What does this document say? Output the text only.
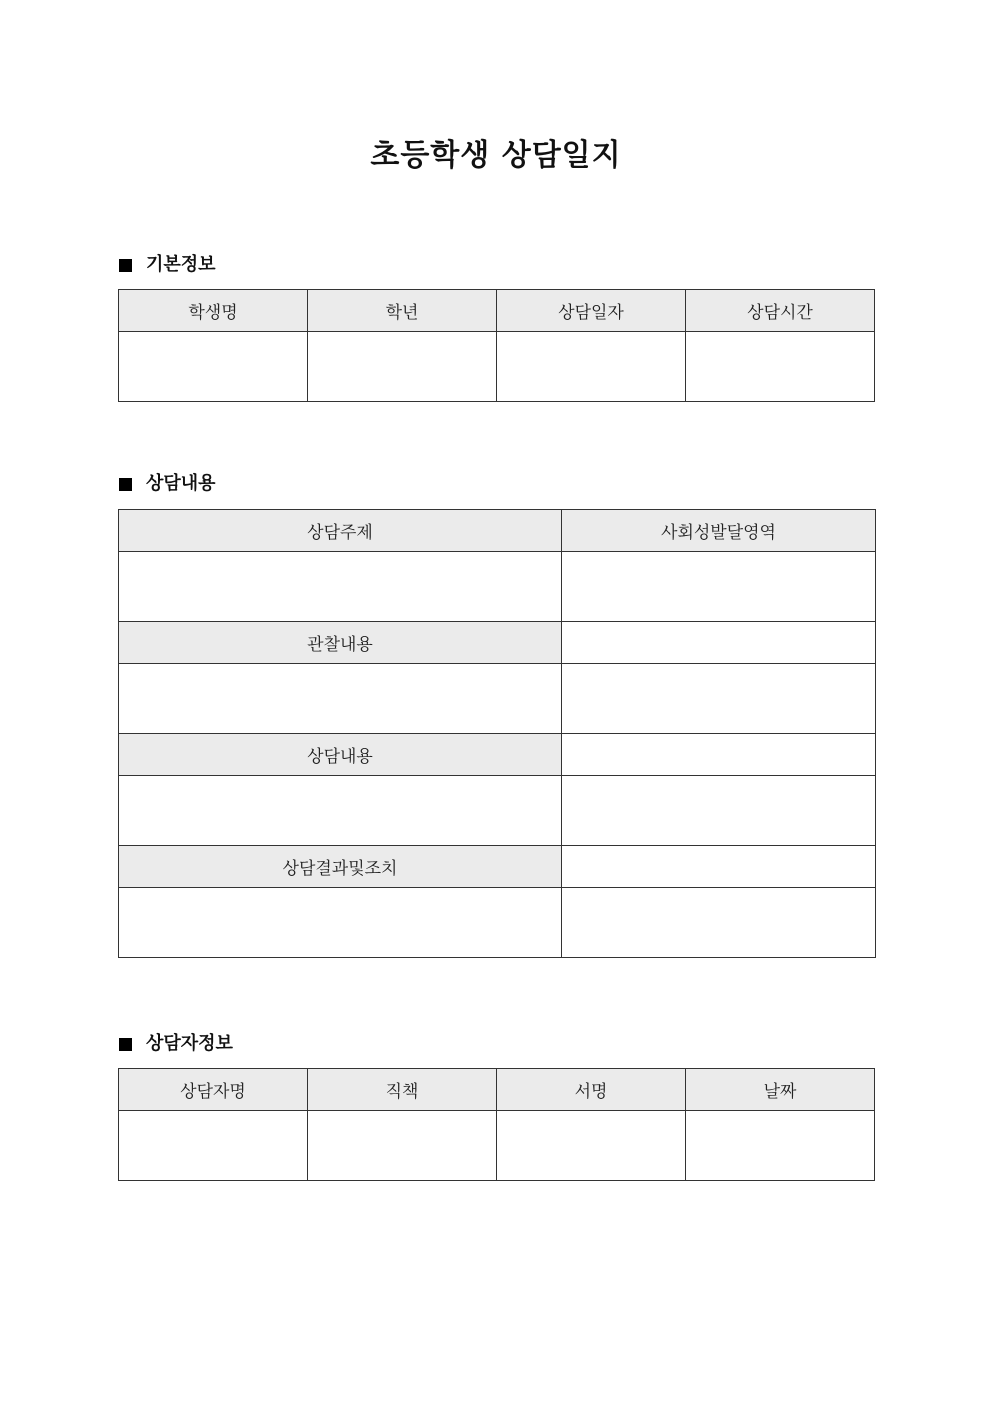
초등학생 상담일지
기본정보
학생명	학년	상담일자	상담시간

상담내용
상담주제	사회성발달영역

관찰내용	

상담내용	

상담결과및조치	

상담자정보
상담자명	직책	서명	날짜
